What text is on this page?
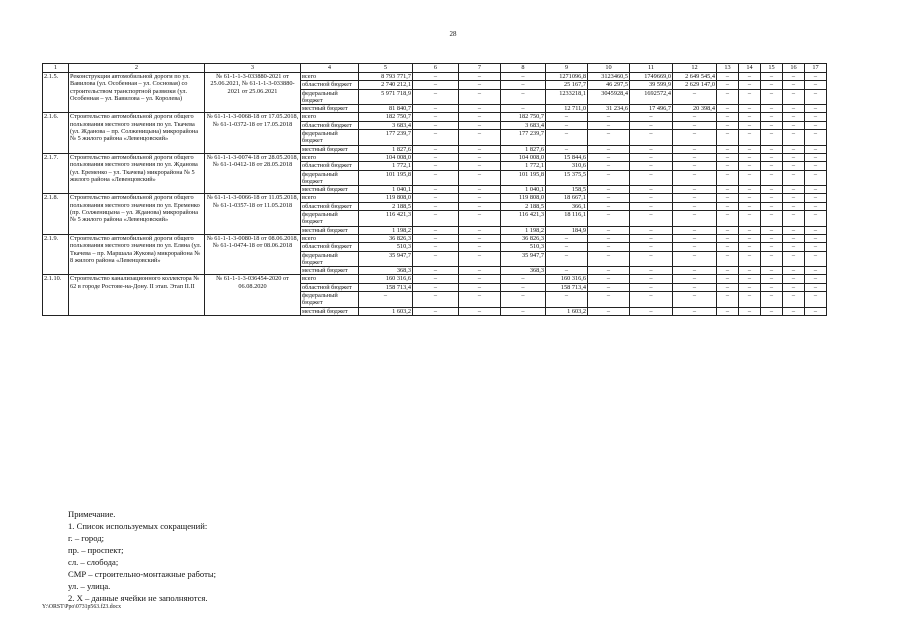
28
1	2	3	4	5	6	7	8	9	10	11	12	13	14	15	16	17
2.1.5.	Реконструкция автомобильной дороги по ул. Вавилова (ул. Особенная – ул. Сосновая) со строительством транспортной развязки (ул. Особенная – ул. Вавилова – ул. Королева)	№ 61-1-1-3-033880-2021 от 25.06.2021, № 61-1-1-3-033880-2021 от 25.06.2021	всего	8 793 771,7	–	–	–	1271096,8	3123460,5	1749669,0	2 649 545,4	–	–	–	–	–
			областной бюджет	2 740 212,1	–	–	–	25 167,7	46 297,5	39 599,9	2 629 147,0	–	–	–	–	–
			федеральный бюджет	5 971 718,9	–	–	–	1233218,1	3045928,4	1692572,4	–	–	–	–	–	–
			местный бюджет	81 840,7	–	–	–	12 711,0	31 234,6	17 496,7	20 398,4	–	–	–	–	–
2.1.6.	Строительство автомобильной дороги общего пользования местного значения по ул. Ткачева (ул. Жданова – пр. Солженицына) микрорайона № 5 жилого района «Левенцовский»	№ 61-1-1-3-0068-18 от 17.05.2018, № 61-1-0372-18 от 17.05.2018	всего	182 750,7	–	–	182 750,7	–	–	–	–	–	–	–	–	–
			областной бюджет	3 683,4	–	–	3 683,4	–	–	–	–	–	–	–	–	–
			федеральный бюджет	177 239,7	–	–	177 239,7	–	–	–	–	–	–	–	–	–
			местный бюджет	1 827,6	–	–	1 827,6	–	–	–	–	–	–	–	–	–
2.1.7.	Строительство автомобильной дороги общего пользования местного значения по ул. Жданова (ул. Еременко – ул. Ткачева) микрорайона № 5 жилого района «Левенцовский»	№ 61-1-1-3-0074-18 от 28.05.2018, № 61-1-0412-18 от 28.05.2018	всего	104 008,0	–	–	104 008,0	15 844,6	–	–	–	–	–	–	–	–
			областной бюджет	1 772,1	–	–	1 772,1	310,6	–	–	–	–	–	–	–	–
			федеральный бюджет	101 195,8	–	–	101 195,8	15 375,5	–	–	–	–	–	–	–	–
			местный бюджет	1 040,1	–	–	1 040,1	158,5	–	–	–	–	–	–	–	–
2.1.8.	Строительство автомобильной дороги общего пользования местного значения по ул. Еременко (пр. Солженицына – ул. Жданова) микрорайона № 5 жилого района «Левенцовский»	№ 61-1-1-3-0066-18 от 11.05.2018, № 61-1-0357-18 от 11.05.2018	всего	119 808,0	–	–	119 808,0	18 667,1	–	–	–	–	–	–	–	–
			областной бюджет	2 188,5	–	–	2 188,5	366,1	–	–	–	–	–	–	–	–
			федеральный бюджет	116 421,3	–	–	116 421,3	18 116,1	–	–	–	–	–	–	–	–
			местный бюджет	1 198,2	–	–	1 198,2	184,9	–	–	–	–	–	–	–	–
2.1.9.	Строительство автомобильной дороги общего пользования местного значения по ул. Еляна (ул. Ткачева – пр. Маршала Жукова) микрорайона № 8 жилого района «Левенцовский»	№ 61-1-1-3-0080-18 от 08.06.2018, № 61-1-0474-18 от 08.06.2018	всего	36 826,3	–	–	36 826,3	–	–	–	–	–	–	–	–	–
			областной бюджет	510,3	–	–	510,3	–	–	–	–	–	–	–	–	–
			федеральный бюджет	35 947,7	–	–	35 947,7	–	–	–	–	–	–	–	–	–
			местный бюджет	368,3	–	–	368,3	–	–	–	–	–	–	–	–	–
2.1.10.	Строительство канализационного коллектора № 62 в городе Ростове-на-Дону. II этап. Этап II.II	№ 61-1-1-3-036454-2020 от 06.08.2020	всего	160 316,6	–	–	–	160 316,6	–	–	–	–	–	–	–	–
			областной бюджет	158 713,4	–	–	–	158 713,4	–	–	–	–	–	–	–	–
			федеральный бюджет	–	–	–	–	–	–	–	–	–	–	–	–	–
			местный бюджет	1 603,2	–	–	–	1 603,2	–	–	–	–	–	–	–	–
Примечание.
1. Список используемых сокращений:
г. – город;
пр. – проспект;
сл. – слобода;
СМР – строительно-монтажные работы;
ул. – улица.
2. Х – данные ячейки не заполняются.
Y:\ORST\Ppo\0731p563.f23.docx
